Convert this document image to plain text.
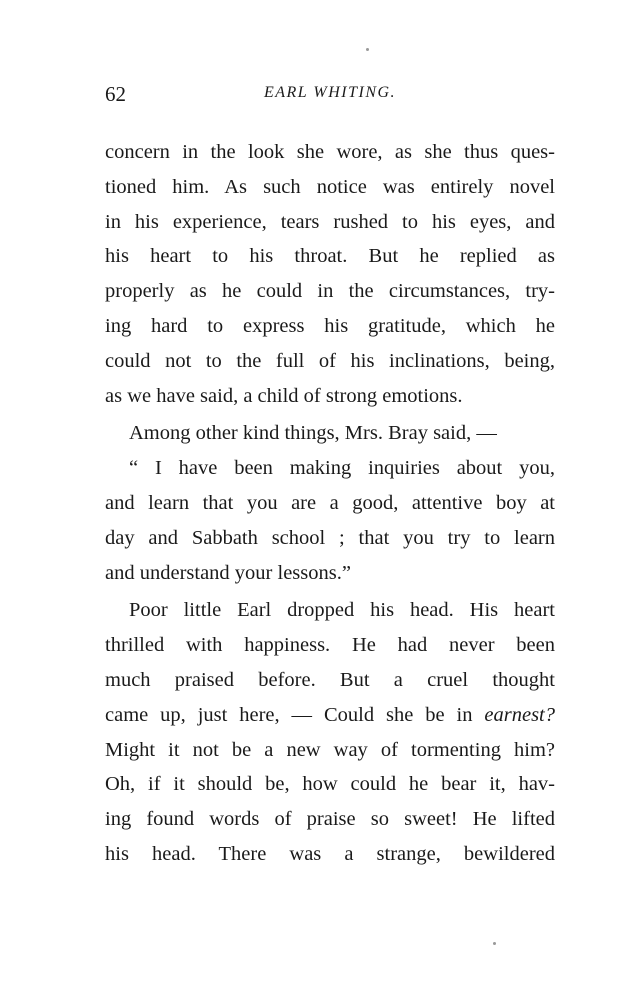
62	EARL WHITING.
concern in the look she wore, as she thus ques-
tioned him. As such notice was entirely novel
in his experience, tears rushed to his eyes, and
his heart to his throat. But he replied as
properly as he could in the circumstances, try-
ing hard to express his gratitude, which he
could not to the full of his inclinations, being,
as we have said, a child of strong emotions.
Among other kind things, Mrs. Bray said, —
“ I have been making inquiries about you,
and learn that you are a good, attentive boy at
day and Sabbath school ; that you try to learn
and understand your lessons.”
Poor little Earl dropped his head. His heart
thrilled with happiness. He had never been
much praised before. But a cruel thought
came up, just here, — Could she be in earnest?
Might it not be a new way of tormenting him?
Oh, if it should be, how could he bear it, hav-
ing found words of praise so sweet! He lifted
his head. There was a strange, bewildered
